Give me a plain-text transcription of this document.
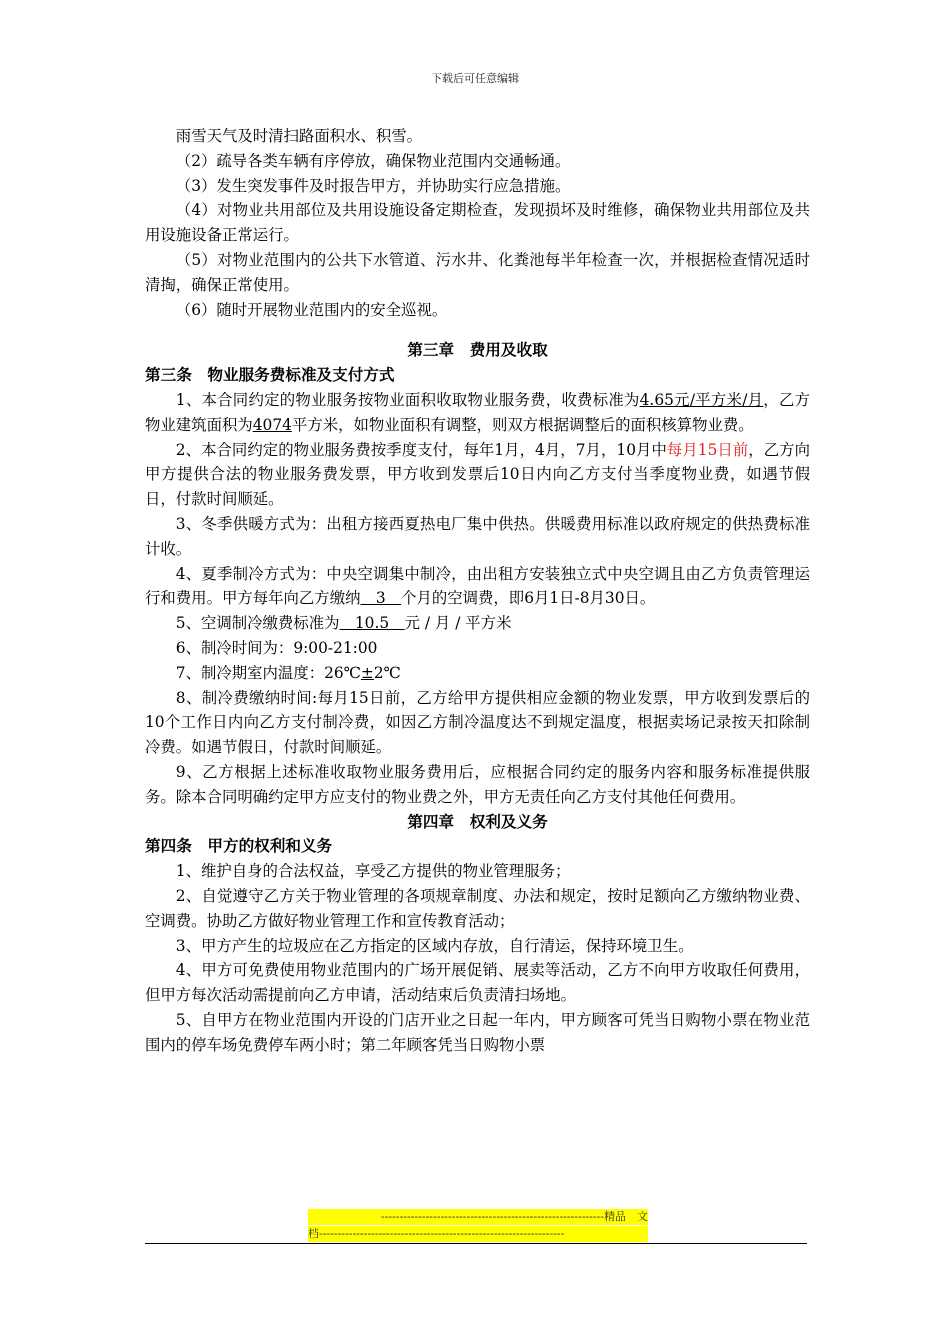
下载后可任意编辑

雨雪天气及时清扫路面积水、积雪。

（2）疏导各类车辆有序停放，确保物业范围内交通畅通。

（3）发生突发事件及时报告甲方，并协助实行应急措施。

（4）对物业共用部位及共用设施设备定期检查，发现损坏及时维修，确保物业共用部位及共用设施设备正常运行。

（5）对物业范围内的公共下水管道、污水井、化粪池每半年检查一次，并根据检查情况适时清掏，确保正常使用。

（6）随时开展物业范围内的安全巡视。

第三章　费用及收取

第三条　物业服务费标准及支付方式

1、本合同约定的物业服务按物业面积收取物业服务费，收费标准为4.65元/平方米/月，乙方物业建筑面积为4074平方米，如物业面积有调整，则双方根据调整后的面积核算物业费。

2、本合同约定的物业服务费按季度支付，每年1月，4月，7月，10月中每月15日前，乙方向甲方提供合法的物业服务费发票，甲方收到发票后10日内向乙方支付当季度物业费，如遇节假日，付款时间顺延。

3、冬季供暖方式为：出租方接西夏热电厂集中供热。供暖费用标准以政府规定的供热费标准计收。

4、夏季制冷方式为：中央空调集中制冷，由出租方安装独立式中央空调且由乙方负责管理运行和费用。甲方每年向乙方缴纳　3　个月的空调费，即6月1日-8月30日。

5、空调制冷缴费标准为　10.5　元 / 月 / 平方米

6、制冷时间为：9:00-21:00

7、制冷期室内温度：26℃±2℃

8、制冷费缴纳时间:每月15日前，乙方给甲方提供相应金额的物业发票，甲方收到发票后的10个工作日内向乙方支付制冷费，如因乙方制冷温度达不到规定温度，根据卖场记录按天扣除制冷费。如遇节假日，付款时间顺延。

9、乙方根据上述标准收取物业服务费用后，应根据合同约定的服务内容和服务标准提供服务。除本合同明确约定甲方应支付的物业费之外，甲方无责任向乙方支付其他任何费用。

第四章　权利及义务

第四条　甲方的权利和义务

1、维护自身的合法权益，享受乙方提供的物业管理服务；

2、自觉遵守乙方关于物业管理的各项规章制度、办法和规定，按时足额向乙方缴纳物业费、空调费。协助乙方做好物业管理工作和宣传教育活动；

3、甲方产生的垃圾应在乙方指定的区域内存放，自行清运，保持环境卫生。

4、甲方可免费使用物业范围内的广场开展促销、展卖等活动，乙方不向甲方收取任何费用，但甲方每次活动需提前向乙方申请，活动结束后负责清扫场地。

5、自甲方在物业范围内开设的门店开业之日起一年内，甲方顾客可凭当日购物小票在物业范围内的停车场免费停车两小时；第二年顾客凭当日购物小票

------------------------------------------------------------精品　文
档------------------------------------------------------------------
